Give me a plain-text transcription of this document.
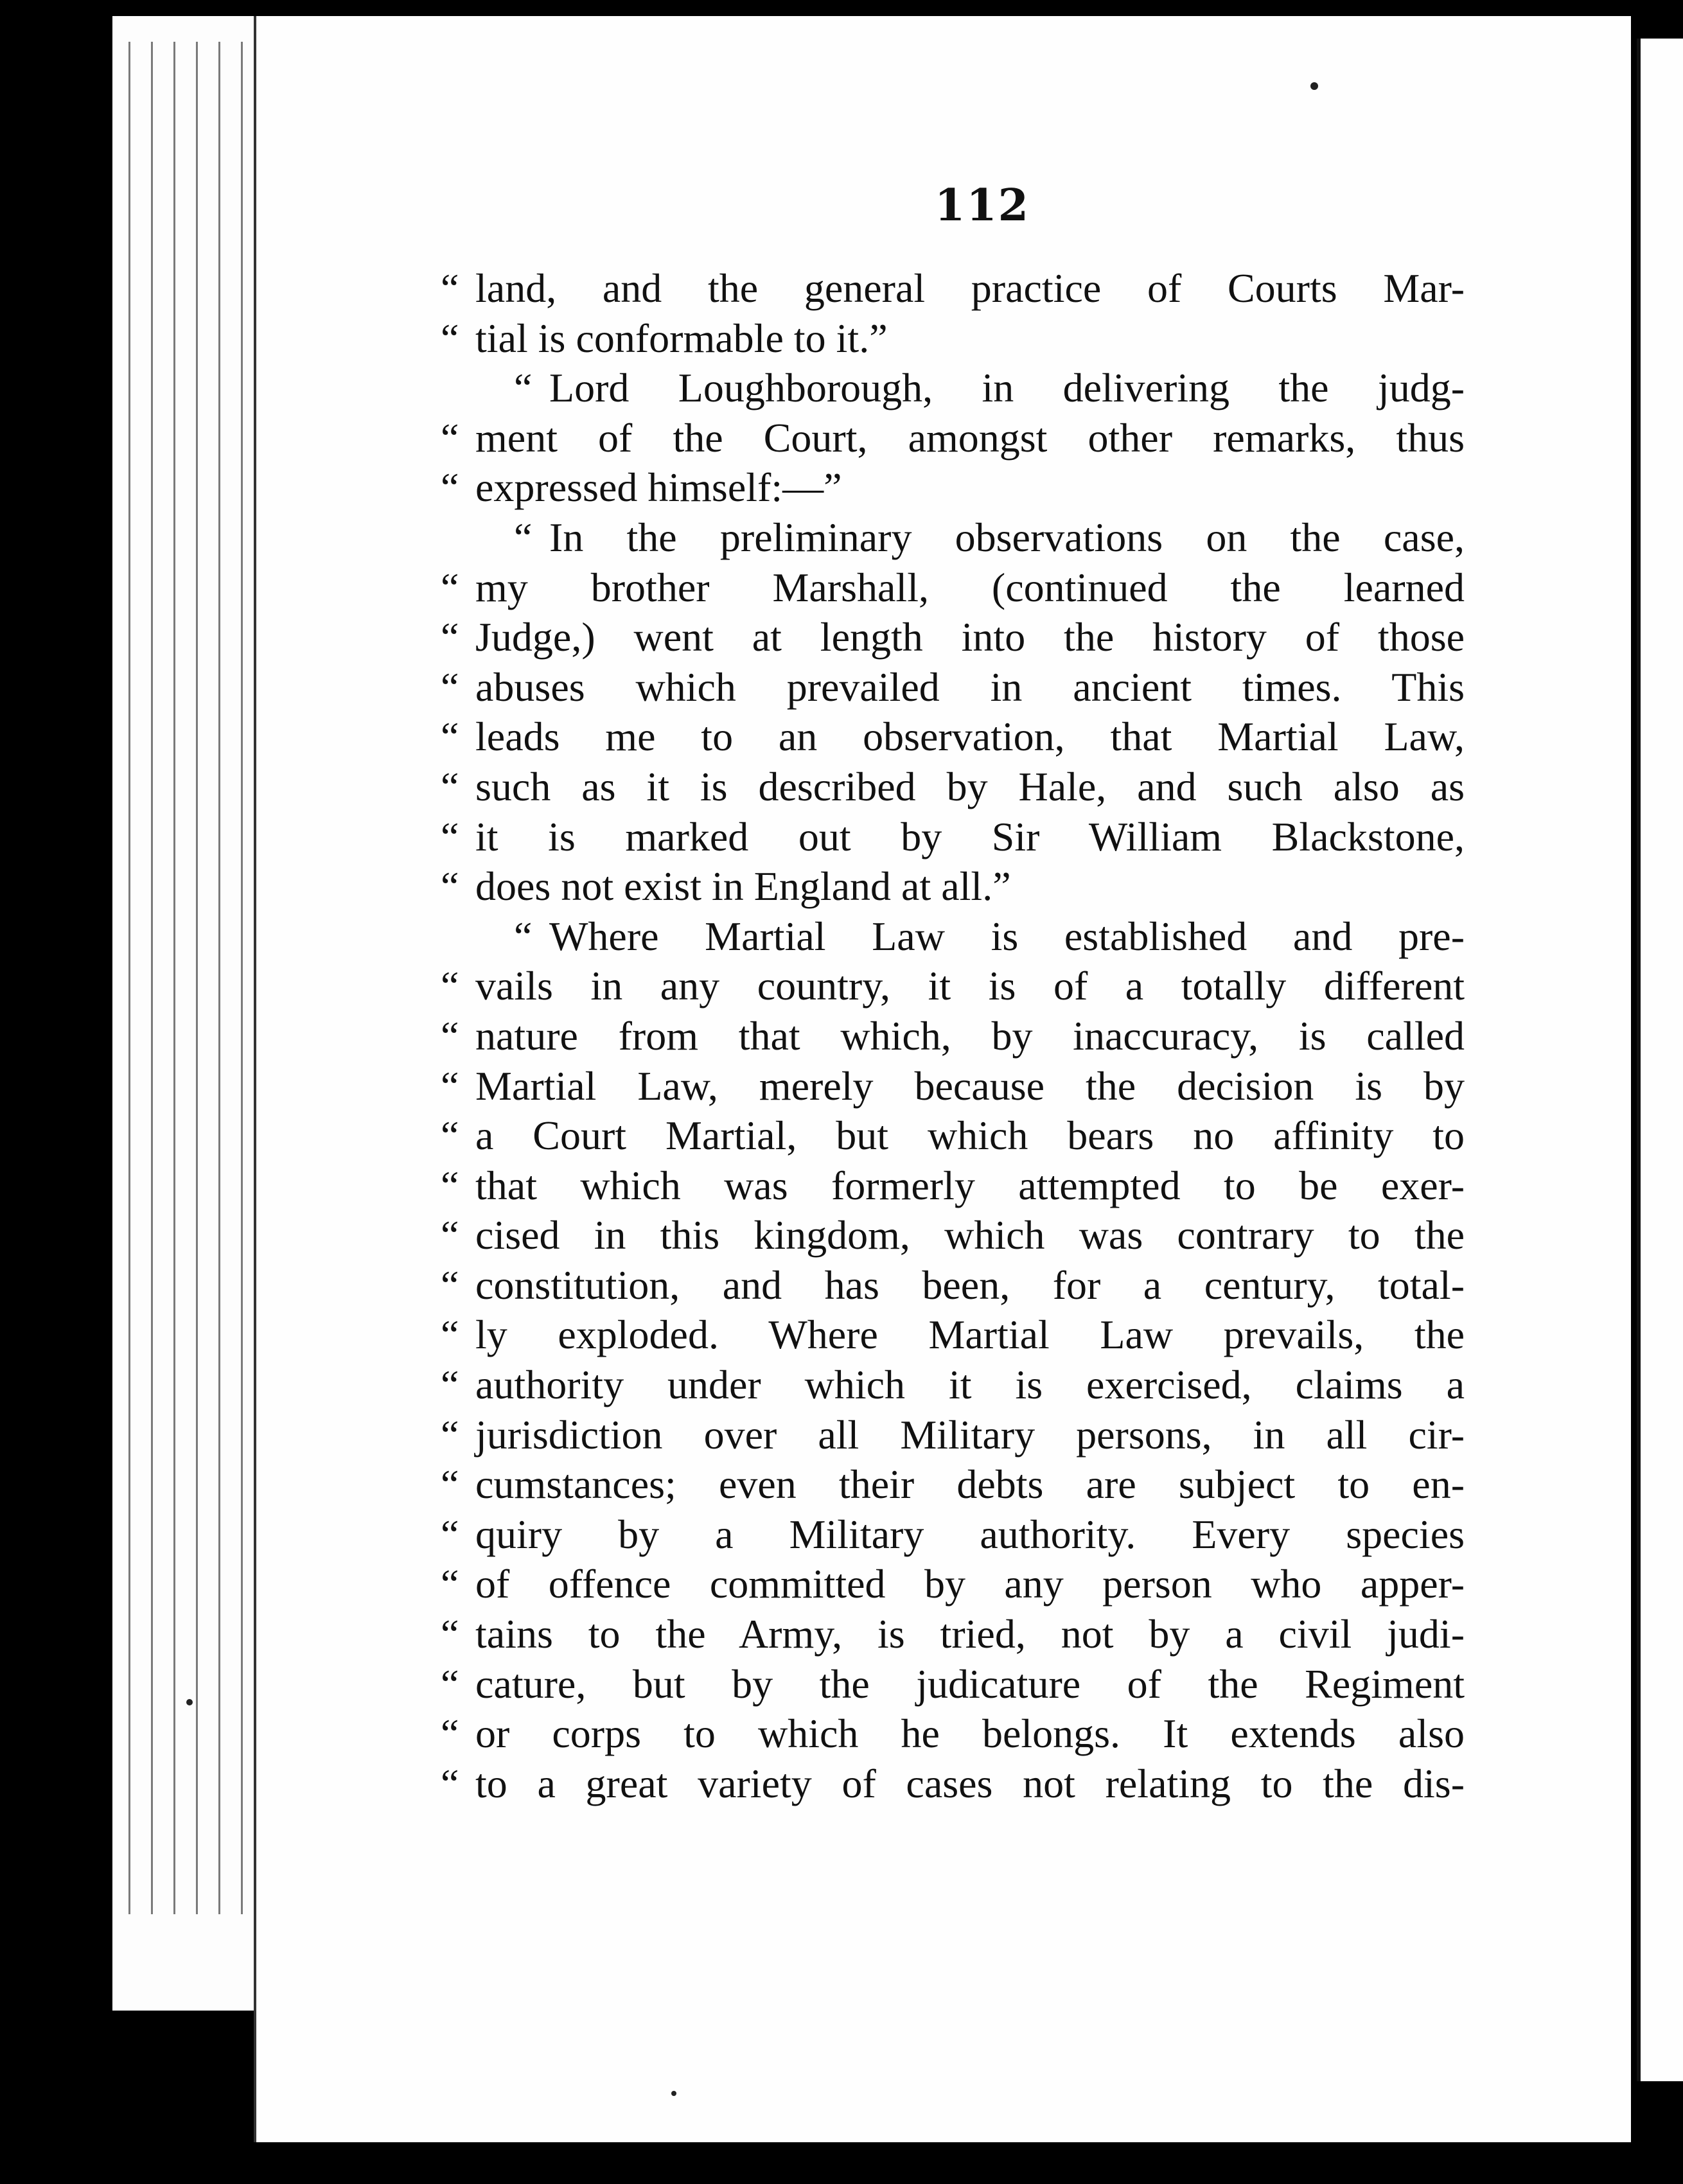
112
“ land, and the general practice of Courts Mar-
“ tial is conformable to it.”
“ Lord Loughborough, in delivering the judg-
“ ment of the Court, amongst other remarks, thus
“ expressed himself:—”
“ In the preliminary observations on the case,
“ my brother Marshall, (continued the learned
“ Judge,) went at length into the history of those
“ abuses which prevailed in ancient times. This
“ leads me to an observation, that Martial Law,
“ such as it is described by Hale, and such also as
“ it is marked out by Sir William Blackstone,
“ does not exist in England at all.”
“ Where Martial Law is established and pre-
“ vails in any country, it is of a totally different
“ nature from that which, by inaccuracy, is called
“ Martial Law, merely because the decision is by
“ a Court Martial, but which bears no affinity to
“ that which was formerly attempted to be exer-
“ cised in this kingdom, which was contrary to the
“ constitution, and has been, for a century, total-
“ ly exploded. Where Martial Law prevails, the
“ authority under which it is exercised, claims a
“ jurisdiction over all Military persons, in all cir-
“ cumstances; even their debts are subject to en-
“ quiry by a Military authority. Every species
“ of offence committed by any person who apper-
“ tains to the Army, is tried, not by a civil judi-
“ cature, but by the judicature of the Regiment
“ or corps to which he belongs. It extends also
“ to a great variety of cases not relating to the dis-
